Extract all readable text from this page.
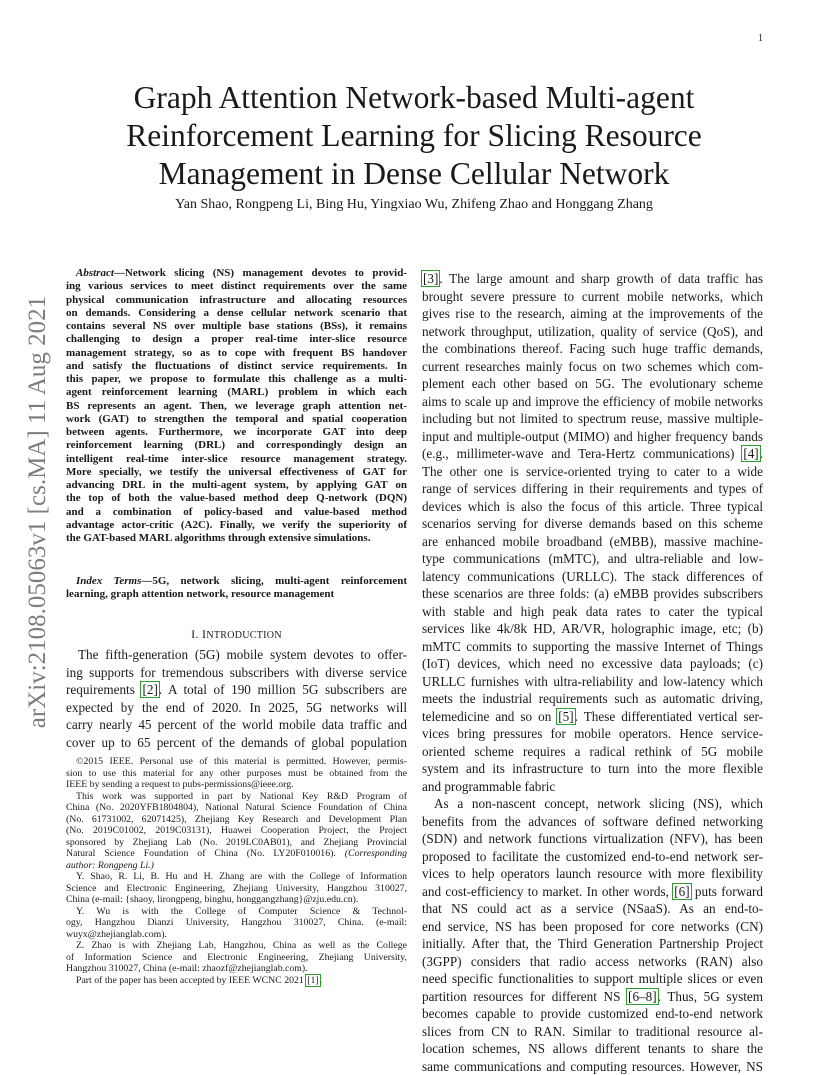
1
arXiv:2108.05063v1 [cs.MA] 11 Aug 2021
Graph Attention Network-based Multi-agent
Reinforcement Learning for Slicing Resource
Management in Dense Cellular Network
Yan Shao, Rongpeng Li, Bing Hu, Yingxiao Wu, Zhifeng Zhao and Honggang Zhang
Abstract—Network slicing (NS) management devotes to provid-
ing various services to meet distinct requirements over the same
physical communication infrastructure and allocating resources
on demands. Considering a dense cellular network scenario that
contains several NS over multiple base stations (BSs), it remains
challenging to design a proper real-time inter-slice resource
management strategy, so as to cope with frequent BS handover
and satisfy the fluctuations of distinct service requirements. In
this paper, we propose to formulate this challenge as a multi-
agent reinforcement learning (MARL) problem in which each
BS represents an agent. Then, we leverage graph attention net-
work (GAT) to strengthen the temporal and spatial cooperation
between agents. Furthermore, we incorporate GAT into deep
reinforcement learning (DRL) and correspondingly design an
intelligent real-time inter-slice resource management strategy.
More specially, we testify the universal effectiveness of GAT for
advancing DRL in the multi-agent system, by applying GAT on
the top of both the value-based method deep Q-network (DQN)
and a combination of policy-based and value-based method
advantage actor-critic (A2C). Finally, we verify the superiority of
the GAT-based MARL algorithms through extensive simulations.
Index Terms—5G, network slicing, multi-agent reinforcement
learning, graph attention network, resource management
I. INTRODUCTION
The fifth-generation (5G) mobile system devotes to offer-
ing supports for tremendous subscribers with diverse service
requirements [2]. A total of 190 million 5G subscribers are
expected by the end of 2020. In 2025, 5G networks will
carry nearly 45 percent of the world mobile data traffic and
cover up to 65 percent of the demands of global population
©2015 IEEE. Personal use of this material is permitted. However, permis-
sion to use this material for any other purposes must be obtained from the
IEEE by sending a request to pubs-permissions@ieee.org.
This work was supported in part by National Key R&D Program of
China (No. 2020YFB1804804), National Natural Science Foundation of China
(No. 61731002, 62071425), Zhejiang Key Research and Development Plan
(No. 2019C01002, 2019C03131), Huawei Cooperation Project, the Project
sponsored by Zhejiang Lab (No. 2019LC0AB01), and Zhejiang Provincial
Natural Science Foundation of China (No. LY20F010016). (Corresponding
author: Rongpeng Li.)
Y. Shao, R. Li, B. Hu and H. Zhang are with the College of Information
Science and Electronic Engineering, Zhejiang University, Hangzhou 310027,
China (e-mail: {shaoy, lirongpeng, binghu, honggangzhang}@zju.edu.cn).
Y. Wu is with the College of Computer Science & Technol-
ogy, Hangzhou Dianzi University, Hangzhou 310027, China. (e-mail:
wuyx@zhejianglab.com).
Z. Zhao is with Zhejiang Lab, Hangzhou, China as well as the College
of Information Science and Electronic Engineering, Zhejiang University,
Hangzhou 310027, China (e-mail: zhaozf@zhejianglab.com).
Part of the paper has been accepted by IEEE WCNC 2021 [1].
[3]. The large amount and sharp growth of data traffic has
brought severe pressure to current mobile networks, which
gives rise to the research, aiming at the improvements of the
network throughput, utilization, quality of service (QoS), and
the combinations thereof. Facing such huge traffic demands,
current researches mainly focus on two schemes which com-
plement each other based on 5G. The evolutionary scheme
aims to scale up and improve the efficiency of mobile networks
including but not limited to spectrum reuse, massive multiple-
input and multiple-output (MIMO) and higher frequency bands
(e.g., millimeter-wave and Tera-Hertz communications) [4].
The other one is service-oriented trying to cater to a wide
range of services differing in their requirements and types of
devices which is also the focus of this article. Three typical
scenarios serving for diverse demands based on this scheme
are enhanced mobile broadband (eMBB), massive machine-
type communications (mMTC), and ultra-reliable and low-
latency communications (URLLC). The stack differences of
these scenarios are three folds: (a) eMBB provides subscribers
with stable and high peak data rates to cater the typical
services like 4k/8k HD, AR/VR, holographic image, etc; (b)
mMTC commits to supporting the massive Internet of Things
(IoT) devices, which need no excessive data payloads; (c)
URLLC furnishes with ultra-reliability and low-latency which
meets the industrial requirements such as automatic driving,
telemedicine and so on [5]. These differentiated vertical ser-
vices bring pressures for mobile operators. Hence service-
oriented scheme requires a radical rethink of 5G mobile
system and its infrastructure to turn into the more flexible
and programmable fabric
As a non-nascent concept, network slicing (NS), which
benefits from the advances of software defined networking
(SDN) and network functions virtualization (NFV), has been
proposed to facilitate the customized end-to-end network ser-
vices to help operators launch resource with more flexibility
and cost-efficiency to market. In other words, [6] puts forward
that NS could act as a service (NSaaS). As an end-to-
end service, NS has been proposed for core networks (CN)
initially. After that, the Third Generation Partnership Project
(3GPP) considers that radio access networks (RAN) also
need specific functionalities to support multiple slices or even
partition resources for different NS [6–8]. Thus, 5G system
becomes capable to provide customized end-to-end network
slices from CN to RAN. Similar to traditional resource al-
location schemes, NS allows different tenants to share the
same communications and computing resources. However, NS
